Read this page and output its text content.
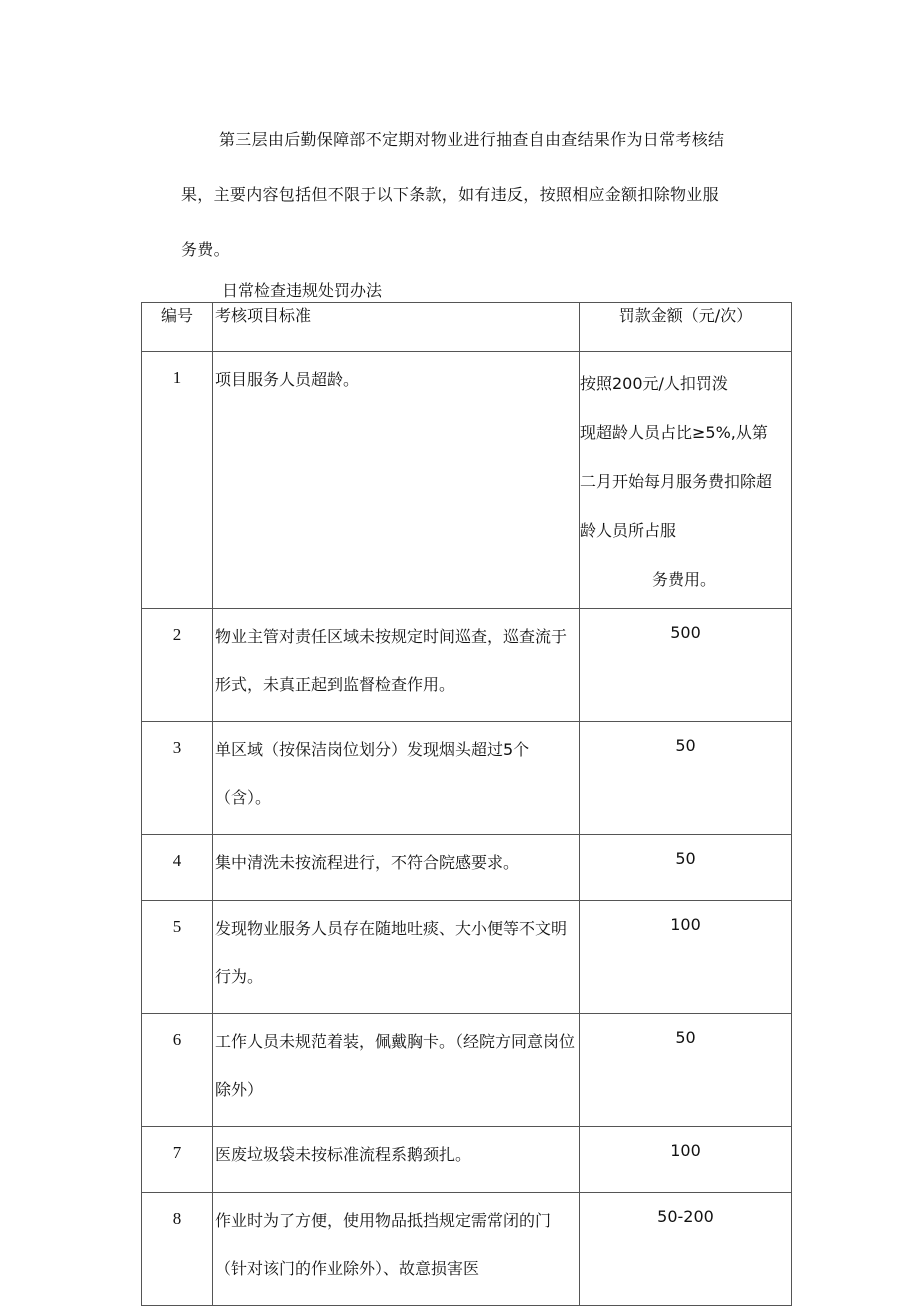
第三层由后勤保障部不定期对物业进行抽查自由查结果作为日常考核结
果，主要内容包括但不限于以下条款，如有违反，按照相应金额扣除物业服
务费。

日常检查违规处罚办法

编号	考核项目标准	罚款金额（元/次）
1	项目服务人员超龄。	按照200元/人扣罚泼
现超龄人员占比≥5%,从第
二月开始每月服务费扣除超
龄人员所占服
务费用。

2	物业主管对责任区域未按规定时间巡查，巡查流于形式，未真正起到监督检查作用。	500
3	单区域（按保洁岗位划分）发现烟头超过5个（含）。	50
4	集中清洗未按流程进行，不符合院感要求。	50
5	发现物业服务人员存在随地吐痰、大小便等不文明行为。	100
6	工作人员未规范着装，佩戴胸卡。（经院方同意岗位除外）	50
7	医废垃圾袋未按标准流程系鹅颈扎。	100
8	作业时为了方便，使用物品抵挡规定需常闭的门（针对该门的作业除外）、故意损害医	50-200
